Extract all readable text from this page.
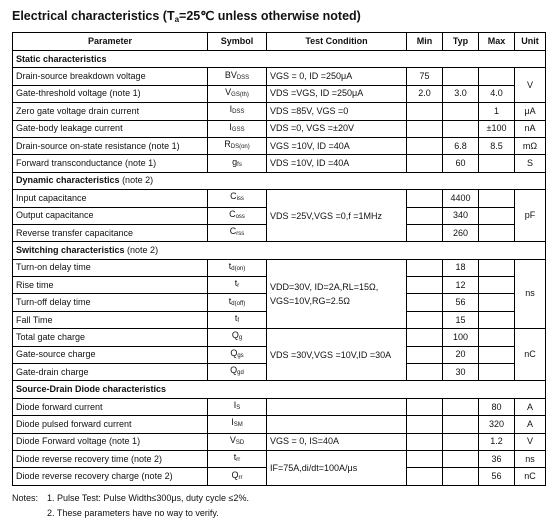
Electrical characteristics ($T_a=25℃$ unless otherwise noted)
Parameter	Symbol	Test Condition	Min	Typ	Max	Unit
Static characteristics						
Drain-source breakdown voltage	BVDSS	VGS = 0, ID =250μA	75			V
Gate-threshold voltage (note 1)	VGS(th)	VDS =VGS, ID =250μA	2.0	3.0	4.0	
Zero gate voltage drain current	IDSS	VDS =85V, VGS =0			1	μA
Gate-body leakage current	IGSS	VDS =0, VGS =±20V			±100	nA
Drain-source on-state resistance (note 1)	RDS(on)	VGS =10V, ID =40A		6.8	8.5	mΩ
Forward transconductance (note 1)	gfs	VDS =10V, ID =40A		60		S
Dynamic characteristics (note 2)						
Input capacitance	Ciss	VDS =25V,VGS =0,f =1MHz		4400		pF
Output capacitance	Coss			340		
Reverse transfer capacitance	Crss			260		
Switching characteristics (note 2)						
Turn-on delay time	td(on)	VDD=30V, ID=2A,RL=15Ω,
VGS=10V,RG=2.5Ω		18		ns
Rise time	tr			12		
Turn-off delay time	td(off)			56		
Fall Time	tf			15		
Total gate charge	Qg	VDS =30V,VGS =10V,ID =30A		100		nC
Gate-source charge	Qgs			20		
Gate-drain charge	Qgd			30		
Source-Drain Diode characteristics						
Diode forward current	IS				80	A
Diode pulsed forward current	ISM				320	A
Diode Forward voltage (note 1)	VSD	VGS = 0, IS=40A			1.2	V
Diode reverse recovery time (note 2)	trr	IF=75A,di/dt=100A/μs			36	ns
Diode reverse recovery charge (note 2)	Qrr				56	nC
Notes: 1. Pulse Test: Pulse Width≤300μs, duty cycle ≤2%.
2. These parameters have no way to verify.
